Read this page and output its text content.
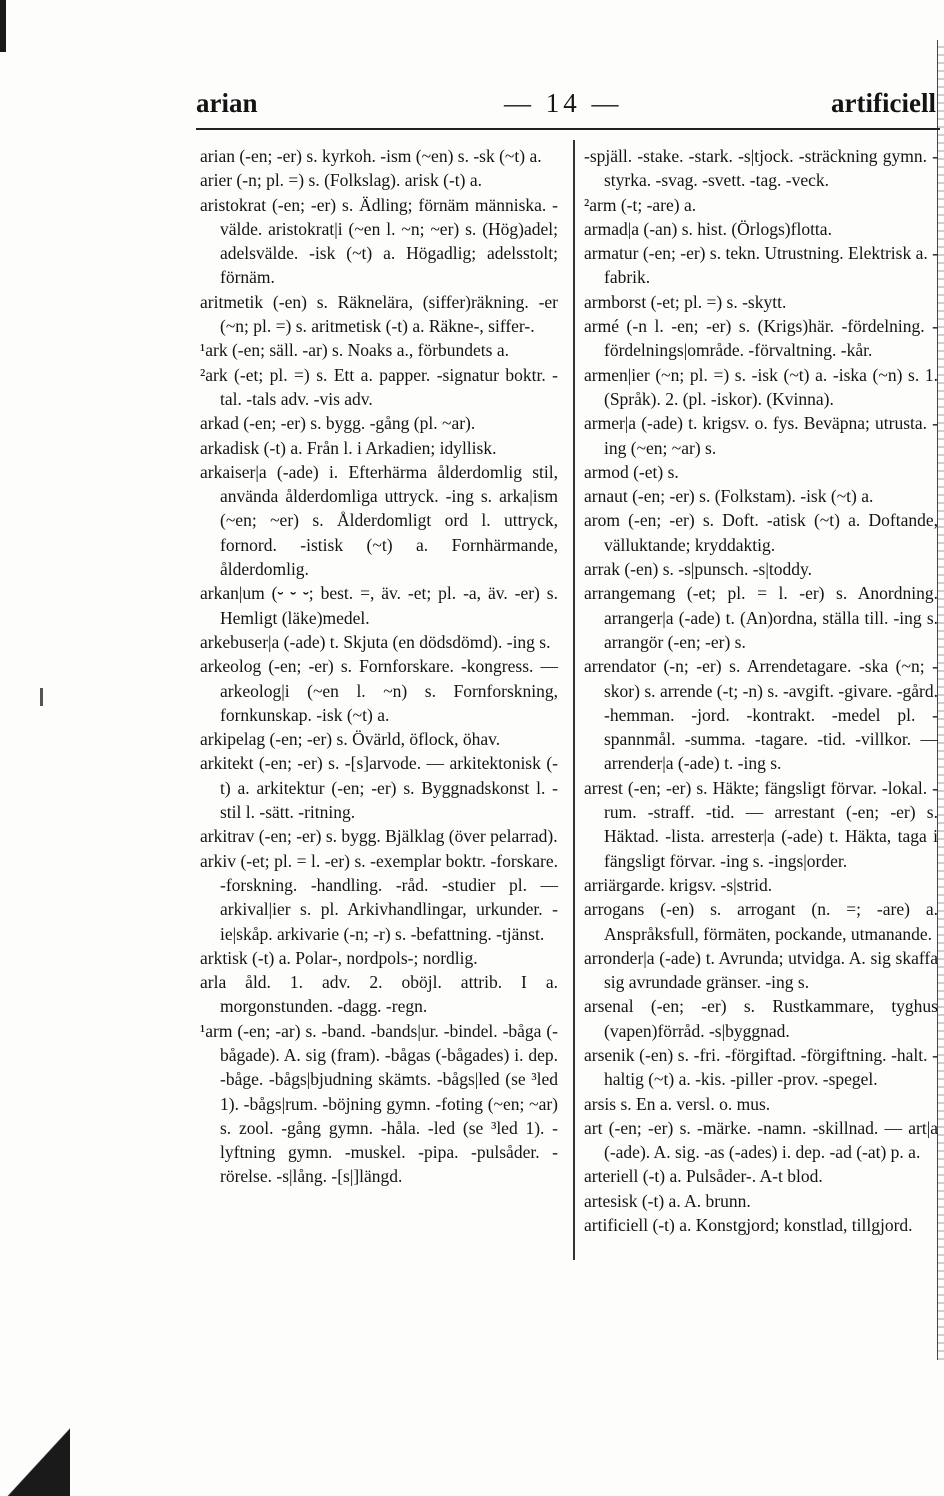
arian	— 14 —	artificiell

arian (-en; -er) s. kyrkoh. -ism (~en) s. -sk (~t) a.

arier (-n; pl. =) s. (Folkslag). arisk (-t) a.

aristokrat (-en; -er) s. Ädling; förnäm människa. -välde. aristokrat|i (~en l. ~n; ~er) s. (Hög)adel; adelsvälde. -isk (~t) a. Högadlig; adelsstolt; förnäm.

aritmetik (-en) s. Räknelära, (siffer)räkning. -er (~n; pl. =) s. aritmetisk (-t) a. Räkne-, siffer-.

¹ark (-en; säll. -ar) s. Noaks a., förbundets a.

²ark (-et; pl. =) s. Ett a. papper. -signatur boktr. -tal. -tals adv. -vis adv.

arkad (-en; -er) s. bygg. -gång (pl. ~ar).

arkadisk (-t) a. Från l. i Arkadien; idyllisk.

arkaiser|a (-ade) i. Efterhärma ålderdomlig stil, använda ålderdomliga uttryck. -ing s. arka|ism (~en; ~er) s. Ålderdomligt ord l. uttryck, fornord. -istisk (~t) a. Fornhärmande, ålderdomlig.

arkan|um (⏑ ⏑ ⏑; best. =, äv. -et; pl. -a, äv. -er) s. Hemligt (läke)medel.

arkebuser|a (-ade) t. Skjuta (en dödsdömd). -ing s.

arkeolog (-en; -er) s. Fornforskare. -kongress. — arkeolog|i (~en l. ~n) s. Fornforskning, fornkunskap. -isk (~t) a.

arkipelag (-en; -er) s. Övärld, öflock, öhav.

arkitekt (-en; -er) s. -[s]arvode. — arkitektonisk (-t) a. arkitektur (-en; -er) s. Byggnadskonst l. -stil l. -sätt. -ritning.

arkitrav (-en; -er) s. bygg. Bjälklag (över pelarrad).

arkiv (-et; pl. = l. -er) s. -exemplar boktr. -forskare. -forskning. -handling. -råd. -studier pl. — arkival|ier s. pl. Arkivhandlingar, urkunder. -ie|skåp. arkivarie (-n; -r) s. -befattning. -tjänst.

arktisk (-t) a. Polar-, nordpols-; nordlig.

arla åld. 1. adv. 2. oböjl. attrib. I a. morgonstunden. -dagg. -regn.

¹arm (-en; -ar) s. -band. -bands|ur. -bindel. -båga (-bågade). A. sig (fram). -bågas (-bågades) i. dep. -båge. -bågs|bjudning skämts. -bågs|led (se ³led 1). -bågs|rum. -böjning gymn. -foting (~en; ~ar) s. zool. -gång gymn. -håla. -led (se ³led 1). -lyftning gymn. -muskel. -pipa. -pulsåder. -rörelse. -s|lång. -[s|]längd.

-spjäll. -stake. -stark. -s|tjock. -sträckning gymn. -styrka. -svag. -svett. -tag. -veck.

²arm (-t; -are) a.

armad|a (-an) s. hist. (Örlogs)flotta.

armatur (-en; -er) s. tekn. Utrustning. Elektrisk a. -fabrik.

armborst (-et; pl. =) s. -skytt.

armé (-n l. -en; -er) s. (Krigs)här. -fördelning. -fördelnings|område. -förvaltning. -kår.

armen|ier (~n; pl. =) s. -isk (~t) a. -iska (~n) s. 1. (Språk). 2. (pl. -iskor). (Kvinna).

armer|a (-ade) t. krigsv. o. fys. Beväpna; utrusta. -ing (~en; ~ar) s.

armod (-et) s.

arnaut (-en; -er) s. (Folkstam). -isk (~t) a.

arom (-en; -er) s. Doft. -atisk (~t) a. Doftande, välluktande; kryddaktig.

arrak (-en) s. -s|punsch. -s|toddy.

arrangemang (-et; pl. = l. -er) s. Anordning. arranger|a (-ade) t. (An)ordna, ställa till. -ing s. arrangör (-en; -er) s.

arrendator (-n; -er) s. Arrendetagare. -ska (~n; -skor) s. arrende (-t; -n) s. -avgift. -givare. -gård. -hemman. -jord. -kontrakt. -medel pl. -spannmål. -summa. -tagare. -tid. -villkor. — arrender|a (-ade) t. -ing s.

arrest (-en; -er) s. Häkte; fängsligt förvar. -lokal. -rum. -straff. -tid. — arrestant (-en; -er) s. Häktad. -lista. arrester|a (-ade) t. Häkta, taga i fängsligt förvar. -ing s. -ings|order.

arriärgarde. krigsv. -s|strid.

arrogans (-en) s. arrogant (n. =; -are) a. Anspråksfull, förmäten, pockande, utmanande.

arronder|a (-ade) t. Avrunda; utvidga. A. sig skaffa sig avrundade gränser. -ing s.

arsenal (-en; -er) s. Rustkammare, tyghus (vapen)förråd. -s|byggnad.

arsenik (-en) s. -fri. -förgiftad. -förgiftning. -halt. -haltig (~t) a. -kis. -piller -prov. -spegel.

arsis s. En a. versl. o. mus.

art (-en; -er) s. -märke. -namn. -skillnad. — art|a (-ade). A. sig. -as (-ades) i. dep. -ad (-at) p. a.

arteriell (-t) a. Pulsåder-. A-t blod.

artesisk (-t) a. A. brunn.

artificiell (-t) a. Konstgjord; konstlad, tillgjord.
